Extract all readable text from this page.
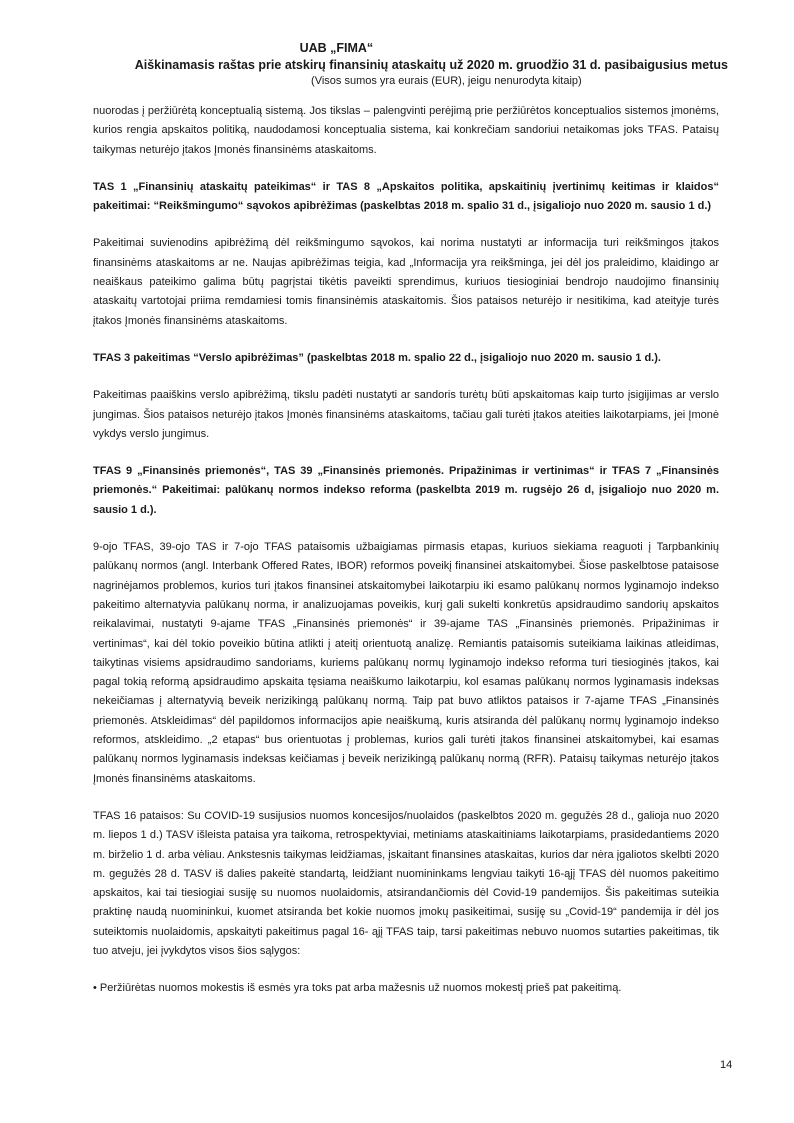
UAB „FIMA“
Aiškinamasis raštas prie atskirų finansinių ataskaitų už 2020 m. gruodžio 31 d. pasibaigusius metus
(Visos sumos yra eurais (EUR), jeigu nenurodyta kitaip)

nuorodas į peržiūrėtą konceptualią sistemą. Jos tikslas – palengvinti perėjimą prie peržiūrėtos konceptualios sistemos įmonėms, kurios rengia apskaitos politiką, naudodamosi konceptualia sistema, kai konkrečiam sandoriui netaikomas joks TFAS. Pataisų taikymas neturėjo įtakos Įmonės finansinėms ataskaitoms.

TAS 1 „Finansinių ataskaitų pateikimas“ ir TAS 8 „Apskaitos politika, apskaitinių įvertinimų keitimas ir klaidos“ pakeitimai: “Reikšmingumo“ sąvokos apibrėžimas (paskelbtas 2018 m. spalio 31 d., įsigaliojo nuo 2020 m. sausio 1 d.)

Pakeitimai suvienodins apibrėžimą dėl reikšmingumo sąvokos, kai norima nustatyti ar informacija turi reikšmingos įtakos finansinėms ataskaitoms ar ne. Naujas apibrėžimas teigia, kad „Informacija yra reikšminga, jei dėl jos praleidimo, klaidingo ar neaiškaus pateikimo galima būtų pagrįstai tikėtis paveikti sprendimus, kuriuos tiesioginiai bendrojo naudojimo finansinių ataskaitų vartotojai priima remdamiesi tomis finansinėmis ataskaitomis. Šios pataisos neturėjo ir nesitikima, kad ateityje turės įtakos Įmonės finansinėms ataskaitoms.

TFAS 3 pakeitimas “Verslo apibrėžimas” (paskelbtas 2018 m. spalio 22 d., įsigaliojo nuo 2020 m. sausio 1 d.).

Pakeitimas paaiškins verslo apibrėžimą, tikslu padėti nustatyti ar sandoris turėtų būti apskaitomas kaip turto įsigijimas ar verslo jungimas. Šios pataisos neturėjo įtakos Įmonės finansinėms ataskaitoms, tačiau gali turėti įtakos ateities laikotarpiams, jei Įmonė vykdys verslo jungimus.

TFAS 9 „Finansinės priemonės“, TAS 39 „Finansinės priemonės. Pripažinimas ir vertinimas“ ir TFAS 7 „Finansinės priemonės.“ Pakeitimai: palūkanų normos indekso reforma (paskelbta 2019 m. rugsėjo 26 d, įsigaliojo nuo 2020 m. sausio 1 d.).

9-ojo TFAS, 39-ojo TAS ir 7-ojo TFAS pataisomis užbaigiamas pirmasis etapas, kuriuos siekiama reaguoti į Tarpbankinių palūkanų normos (angl. Interbank Offered Rates, IBOR) reformos poveikį finansinei atskaitomybei. Šiose paskelbtose pataisose nagrinėjamos problemos, kurios turi įtakos finansinei atskaitomybei laikotarpiu iki esamo palūkanų normos lyginamojo indekso pakeitimo alternatyvia palūkanų norma, ir analizuojamas poveikis, kurį gali sukelti konkretūs apsidraudimo sandorių apskaitos reikalavimai, nustatyti 9-ajame TFAS „Finansinės priemonės“ ir 39-ajame TAS „Finansinės priemonės. Pripažinimas ir vertinimas“, kai dėl tokio poveikio būtina atlikti į ateitį orientuotą analizę. Remiantis pataisomis suteikiama laikinas atleidimas, taikytinas visiems apsidraudimo sandoriams, kuriems palūkanų normų lyginamojo indekso reforma turi tiesioginės įtakos, kai pagal tokią reformą apsidraudimo apskaita tęsiama neaiškumo laikotarpiu, kol esamas palūkanų normos lyginamasis indeksas nekeičiamas į alternatyvią beveik nerizikingą palūkanų normą. Taip pat buvo atliktos pataisos ir 7-ajame TFAS „Finansinės priemonės. Atskleidimas“ dėl papildomos informacijos apie neaiškumą, kuris atsiranda dėl palūkanų normų lyginamojo indekso reformos, atskleidimo. „2 etapas“ bus orientuotas į problemas, kurios gali turėti įtakos finansinei atskaitomybei, kai esamas palūkanų normos lyginamasis indeksas keičiamas į beveik nerizikingą palūkanų normą (RFR). Pataisų taikymas neturėjo įtakos Įmonės finansinėms ataskaitoms.

TFAS 16 pataisos: Su COVID-19 susijusios nuomos koncesijos/nuolaidos (paskelbtos 2020 m. gegužės 28 d., galioja nuo 2020 m. liepos 1 d.) TASV išleista pataisa yra taikoma, retrospektyviai, metiniams ataskaitiniams laikotarpiams, prasidedantiems 2020 m. birželio 1 d. arba vėliau. Ankstesnis taikymas leidžiamas, įskaitant finansines ataskaitas, kurios dar nėra įgaliotos skelbti 2020 m. gegužės 28 d. TASV iš dalies pakeitė standartą, leidžiant nuomininkams lengviau taikyti 16-ąjį TFAS dėl nuomos pakeitimo apskaitos, kai tai tiesiogiai susiję su nuomos nuolaidomis, atsirandančiomis dėl Covid-19 pandemijos. Šis pakeitimas suteikia praktinę naudą nuomininkui, kuomet atsiranda bet kokie nuomos įmokų pasikeitimai, susiję su „Covid-19“ pandemija ir dėl jos suteiktomis nuolaidomis, apskaityti pakeitimus pagal 16- ąjį TFAS taip, tarsi pakeitimas nebuvo nuomos sutarties pakeitimas, tik tuo atveju, jei įvykdytos visos šios sąlygos:

• Peržiūrėtas nuomos mokestis iš esmės yra toks pat arba mažesnis už nuomos mokestį prieš pat pakeitimą.

14
